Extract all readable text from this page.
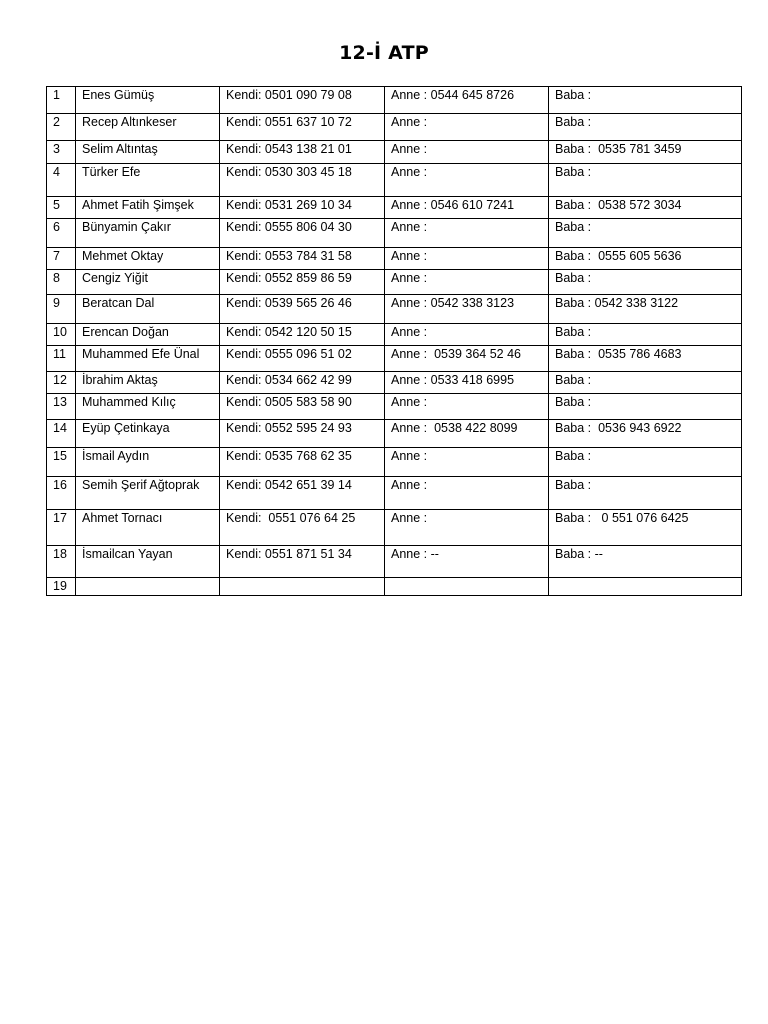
12-İ ATP
1	Enes Gümüş	Kendi: 0501 090 79 08	Anne : 0544 645 8726	Baba :
2	Recep Altınkeser	Kendi: 0551 637 10 72	Anne :	Baba :
3	Selim Altıntaş	Kendi: 0543 138 21 01	Anne :	Baba :  0535 781 3459
4	Türker Efe	Kendi: 0530 303 45 18	Anne :	Baba :
5	Ahmet Fatih Şimşek	Kendi: 0531 269 10 34	Anne : 0546 610 7241	Baba :  0538 572 3034
6	Bünyamin Çakır	Kendi: 0555 806 04 30	Anne :	Baba :
7	Mehmet Oktay	Kendi: 0553 784 31 58	Anne :	Baba :  0555 605 5636
8	Cengiz Yiğit	Kendi: 0552 859 86 59	Anne :	Baba :
9	Beratcan Dal	Kendi: 0539 565 26 46	Anne : 0542 338 3123	Baba : 0542 338 3122
10	Erencan Doğan	Kendi: 0542 120 50 15	Anne :	Baba :
11	Muhammed Efe Ünal	Kendi: 0555 096 51 02	Anne :  0539 364 52 46	Baba :  0535 786 4683
12	İbrahim Aktaş	Kendi: 0534 662 42 99	Anne : 0533 418 6995	Baba :
13	Muhammed Kılıç	Kendi: 0505 583 58 90	Anne :	Baba :
14	Eyüp Çetinkaya	Kendi: 0552 595 24 93	Anne :  0538 422 8099	Baba :  0536 943 6922
15	İsmail Aydın	Kendi: 0535 768 62 35	Anne :	Baba :
16	Semih Şerif Ağtoprak	Kendi: 0542 651 39 14	Anne :	Baba :
17	Ahmet Tornacı	Kendi:  0551 076 64 25	Anne :	Baba :   0 551 076 6425
18	İsmailcan Yayan	Kendi: 0551 871 51 34	Anne : --	Baba : --
19				
